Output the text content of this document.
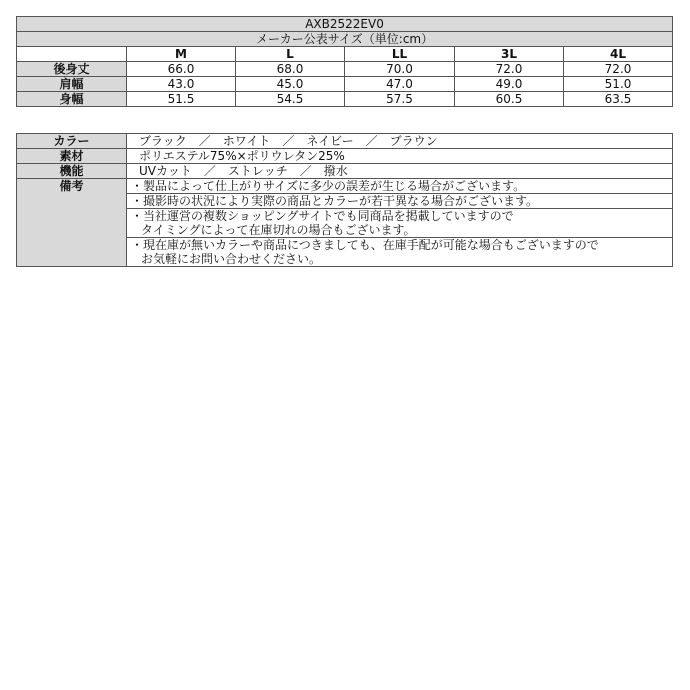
AXB2522EV0					
メーカー公表サイズ（単位:cm）					
	M	L	LL	3L	4L
後身丈	66.0	68.0	70.0	72.0	72.0
肩幅	43.0	45.0	47.0	49.0	51.0
身幅	51.5	54.5	57.5	60.5	63.5
カラー	ブラック　／　ホワイト　／　ネイビー　／　ブラウン
素材	ポリエステル75%×ポリウレタン25%
機能	UVカット　／　ストレッチ　／　撥水
備考	・製品によって仕上がりサイズに多少の誤差が生じる場合がございます。
	・撮影時の状況により実際の商品とカラーが若干異なる場合がございます。

	・当社運営の複数ショッピングサイトでも同商品を掲載していますので
タイミングによって在庫切れの場合もございます。

	・現在庫が無いカラーや商品につきましても、在庫手配が可能な場合もございますので
お気軽にお問い合わせください。
